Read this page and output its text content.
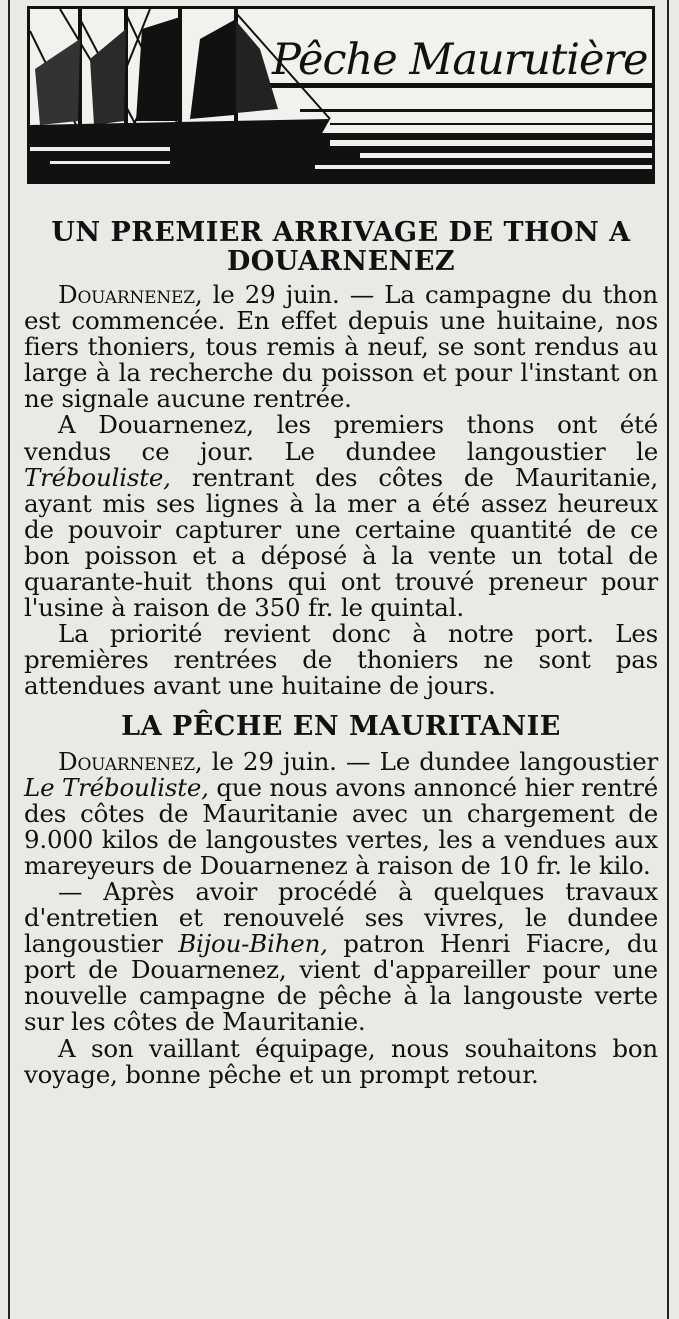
Pêche Maurutière
UN PREMIER ARRIVAGE DE THON A DOUARNENEZ

Douarnenez, le 29 juin. — La campagne du thon est commencée. En effet depuis une huitaine, nos fiers thoniers, tous remis à neuf, se sont rendus au large à la recherche du poisson et pour l'instant on ne signale aucune rentrée.

A Douarnenez, les premiers thons ont été vendus ce jour. Le dundee langoustier le Trébouliste, rentrant des côtes de Mauritanie, ayant mis ses lignes à la mer a été assez heureux de pouvoir capturer une certaine quantité de ce bon poisson et a déposé à la vente un total de quarante-huit thons qui ont trouvé preneur pour l'usine à raison de 350 fr. le quintal.

La priorité revient donc à notre port. Les premières rentrées de thoniers ne sont pas attendues avant une huitaine de jours.

LA PÊCHE EN MAURITANIE

Douarnenez, le 29 juin. — Le dundee langoustier Le Trébouliste, que nous avons annoncé hier rentré des côtes de Mauritanie avec un chargement de 9.000 kilos de langoustes vertes, les a vendues aux mareyeurs de Douarnenez à raison de 10 fr. le kilo.

— Après avoir procédé à quelques travaux d'entretien et renouvelé ses vivres, le dundee langoustier Bijou-Bihen, patron Henri Fiacre, du port de Douarnenez, vient d'appareiller pour une nouvelle campagne de pêche à la langouste verte sur les côtes de Mauritanie.

A son vaillant équipage, nous souhaitons bon voyage, bonne pêche et un prompt retour.
